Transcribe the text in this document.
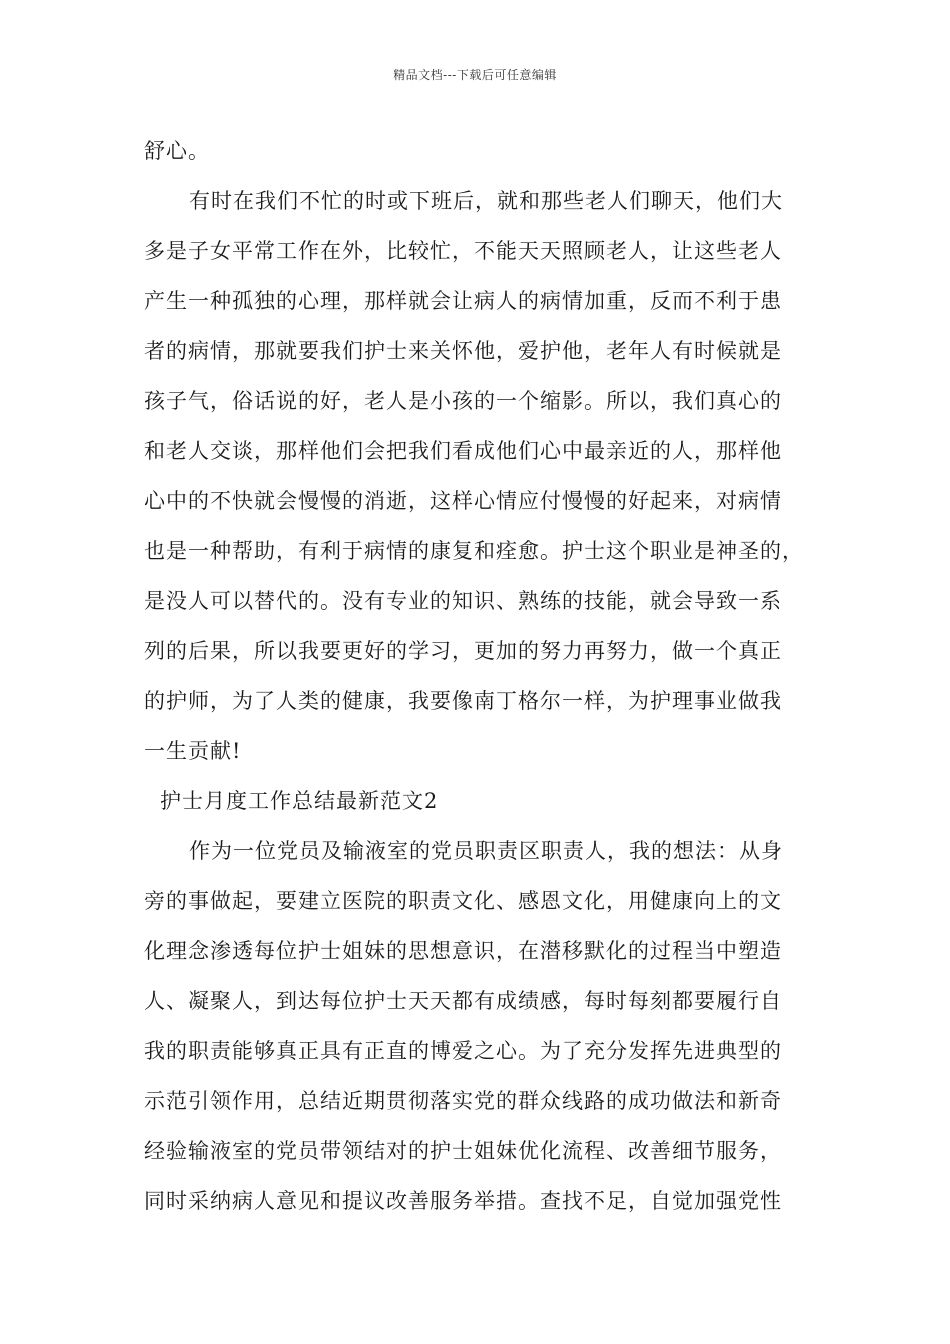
精品文档---下载后可任意编辑
舒心。
有时在我们不忙的时或下班后，就和那些老人们聊天，他们大
多是子女平常工作在外，比较忙，不能天天照顾老人，让这些老人
产生一种孤独的心理，那样就会让病人的病情加重，反而不利于患
者的病情，那就要我们护士来关怀他，爱护他，老年人有时候就是
孩子气，俗话说的好，老人是小孩的一个缩影。所以，我们真心的
和老人交谈，那样他们会把我们看成他们心中最亲近的人，那样他
心中的不快就会慢慢的消逝，这样心情应付慢慢的好起来，对病情
也是一种帮助，有利于病情的康复和痊愈。护士这个职业是神圣的，
是没人可以替代的。没有专业的知识、熟练的技能，就会导致一系
列的后果，所以我要更好的学习，更加的努力再努力，做一个真正
的护师，为了人类的健康，我要像南丁格尔一样，为护理事业做我
一生贡献!
护士月度工作总结最新范文2
作为一位党员及输液室的党员职责区职责人，我的想法：从身
旁的事做起，要建立医院的职责文化、感恩文化，用健康向上的文
化理念渗透每位护士姐妹的思想意识，在潜移默化的过程当中塑造
人、凝聚人，到达每位护士天天都有成绩感，每时每刻都要履行自
我的职责能够真正具有正直的博爱之心。为了充分发挥先进典型的
示范引领作用，总结近期贯彻落实党的群众线路的成功做法和新奇
经验输液室的党员带领结对的护士姐妹优化流程、改善细节服务，
同时采纳病人意见和提议改善服务举措。查找不足，自觉加强党性
